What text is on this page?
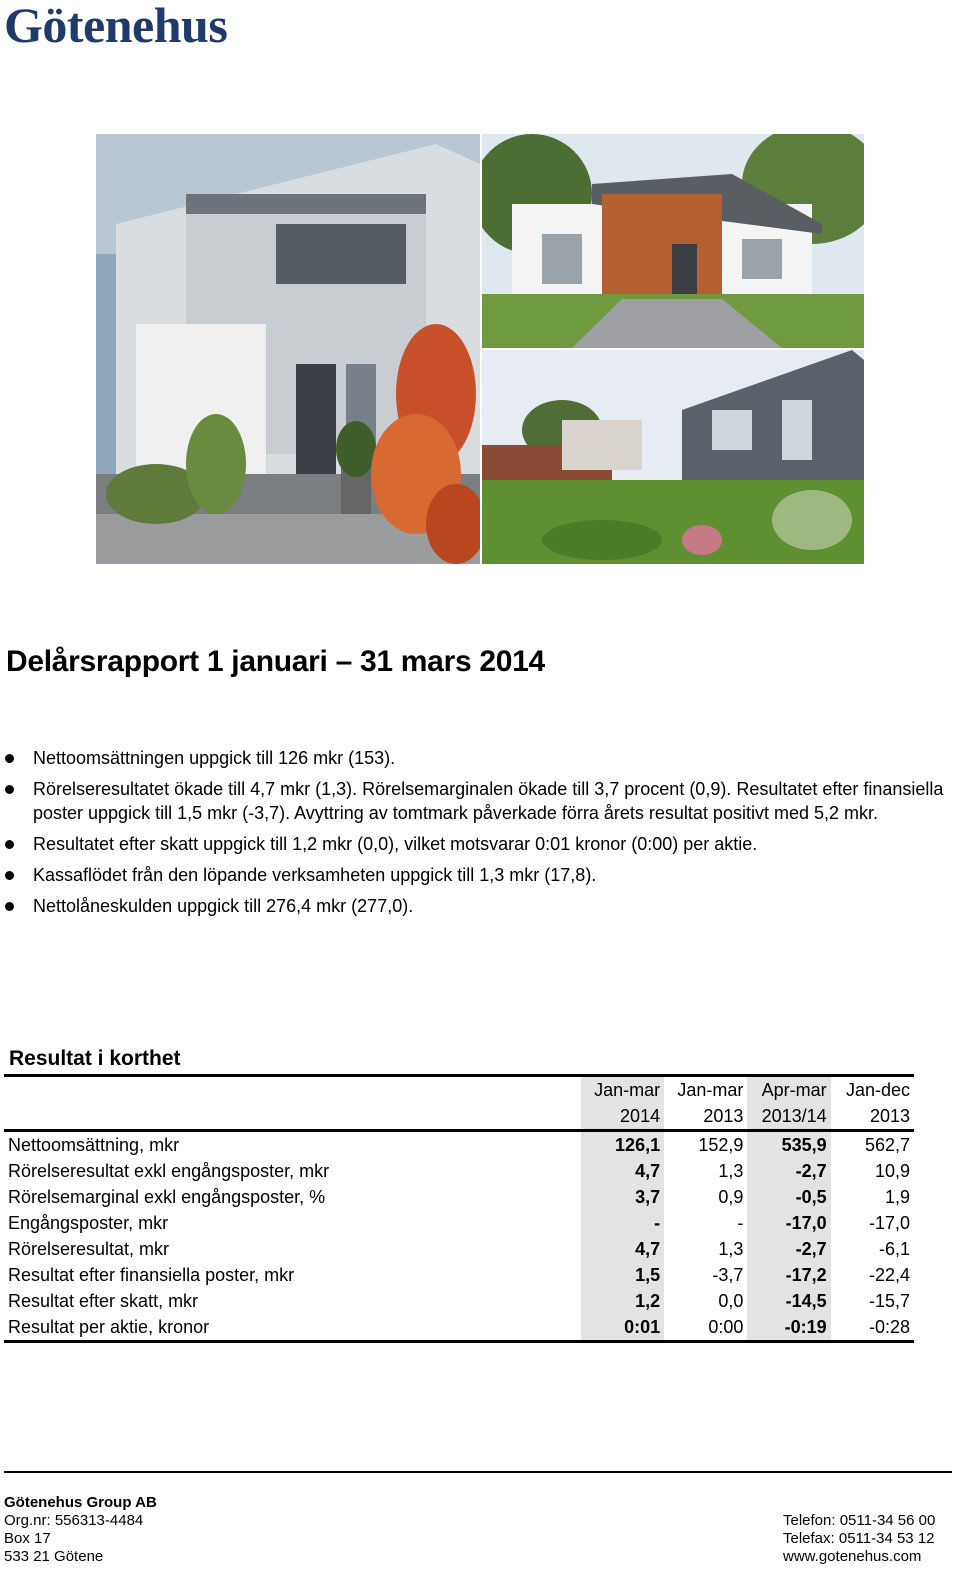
Götenehus
Delårsrapport 1 januari – 31 mars 2014
Nettoomsättningen uppgick till 126 mkr (153).
Rörelseresultatet ökade till 4,7 mkr (1,3). Rörelsemarginalen ökade till 3,7 procent (0,9). Resultatet efter finansiella poster uppgick till 1,5 mkr (-3,7). Avyttring av tomtmark påverkade förra årets resultat positivt med 5,2 mkr.
Resultatet efter skatt uppgick till 1,2 mkr (0,0), vilket motsvarar 0:01 kronor (0:00) per aktie.
Kassaflödet från den löpande verksamheten uppgick till 1,3 mkr (17,8).
Nettolåneskulden uppgick till 276,4 mkr (277,0).
Resultat i korthet
	Jan-mar	Jan-mar	Apr-mar	Jan-dec
	2014	2013	2013/14	2013
Nettoomsättning, mkr	126,1	152,9	535,9	562,7
Rörelseresultat exkl engångsposter, mkr	4,7	1,3	-2,7	10,9
Rörelsemarginal exkl engångsposter, %	3,7	0,9	-0,5	1,9
Engångsposter, mkr	-	-	-17,0	-17,0
Rörelseresultat, mkr	4,7	1,3	-2,7	-6,1
Resultat efter finansiella poster, mkr	1,5	-3,7	-17,2	-22,4
Resultat efter skatt, mkr	1,2	0,0	-14,5	-15,7
Resultat per aktie, kronor	0:01	0:00	-0:19	-0:28
Götenehus Group AB
Org.nr: 556313-4484
Box 17
533 21 Götene
Telefon: 0511-34 56 00
Telefax: 0511-34 53 12
www.gotenehus.com
